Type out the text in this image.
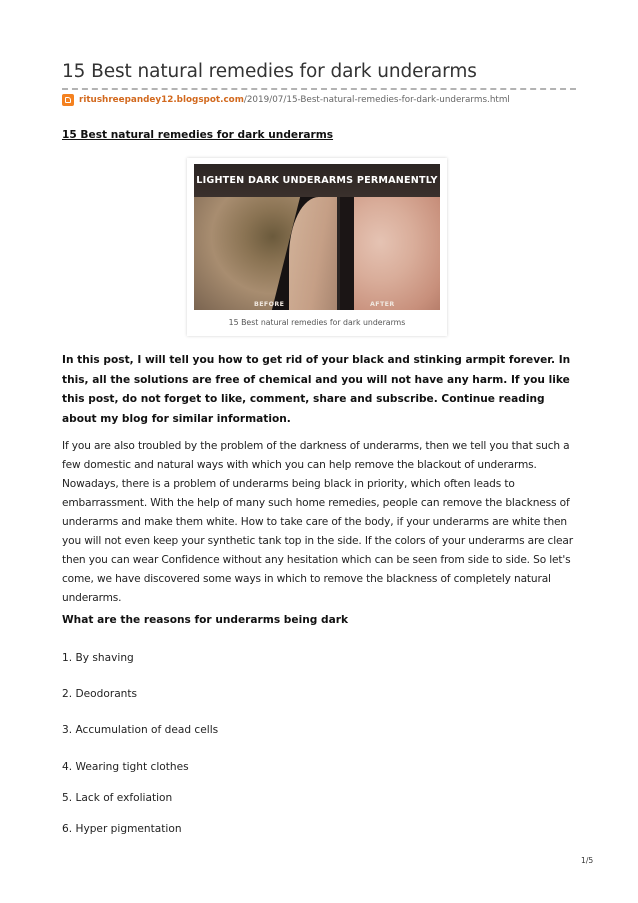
15 Best natural remedies for dark underarms
ritushreepandey12.blogspot.com /2019/07/15-Best-natural-remedies-for-dark-underarms.html
15 Best natural remedies for dark underarms
LIGHTEN DARK UNDERARMS PERMANENTLY
BEFORE	AFTER
15 Best natural remedies for dark underarms

In this post, I will tell you how to get rid of your black and stinking armpit forever. In this, all the solutions are free of chemical and you will not have any harm. If you like this post, do not forget to like, comment, share and subscribe. Continue reading about my blog for similar information.

If you are also troubled by the problem of the darkness of underarms, then we tell you that such a few domestic and natural ways with which you can help remove the blackout of underarms. Nowadays, there is a problem of underarms being black in priority, which often leads to embarrassment. With the help of many such home remedies, people can remove the blackness of underarms and make them white. How to take care of the body, if your underarms are white then you will not even keep your synthetic tank top in the side. If the colors of your underarms are clear then you can wear Confidence without any hesitation which can be seen from side to side. So let's come, we have discovered some ways in which to remove the blackness of completely natural underarms.

What are the reasons for underarms being dark

1. By shaving

2. Deodorants

3. Accumulation of dead cells

4. Wearing tight clothes

5. Lack of exfoliation

6. Hyper pigmentation

1/5
